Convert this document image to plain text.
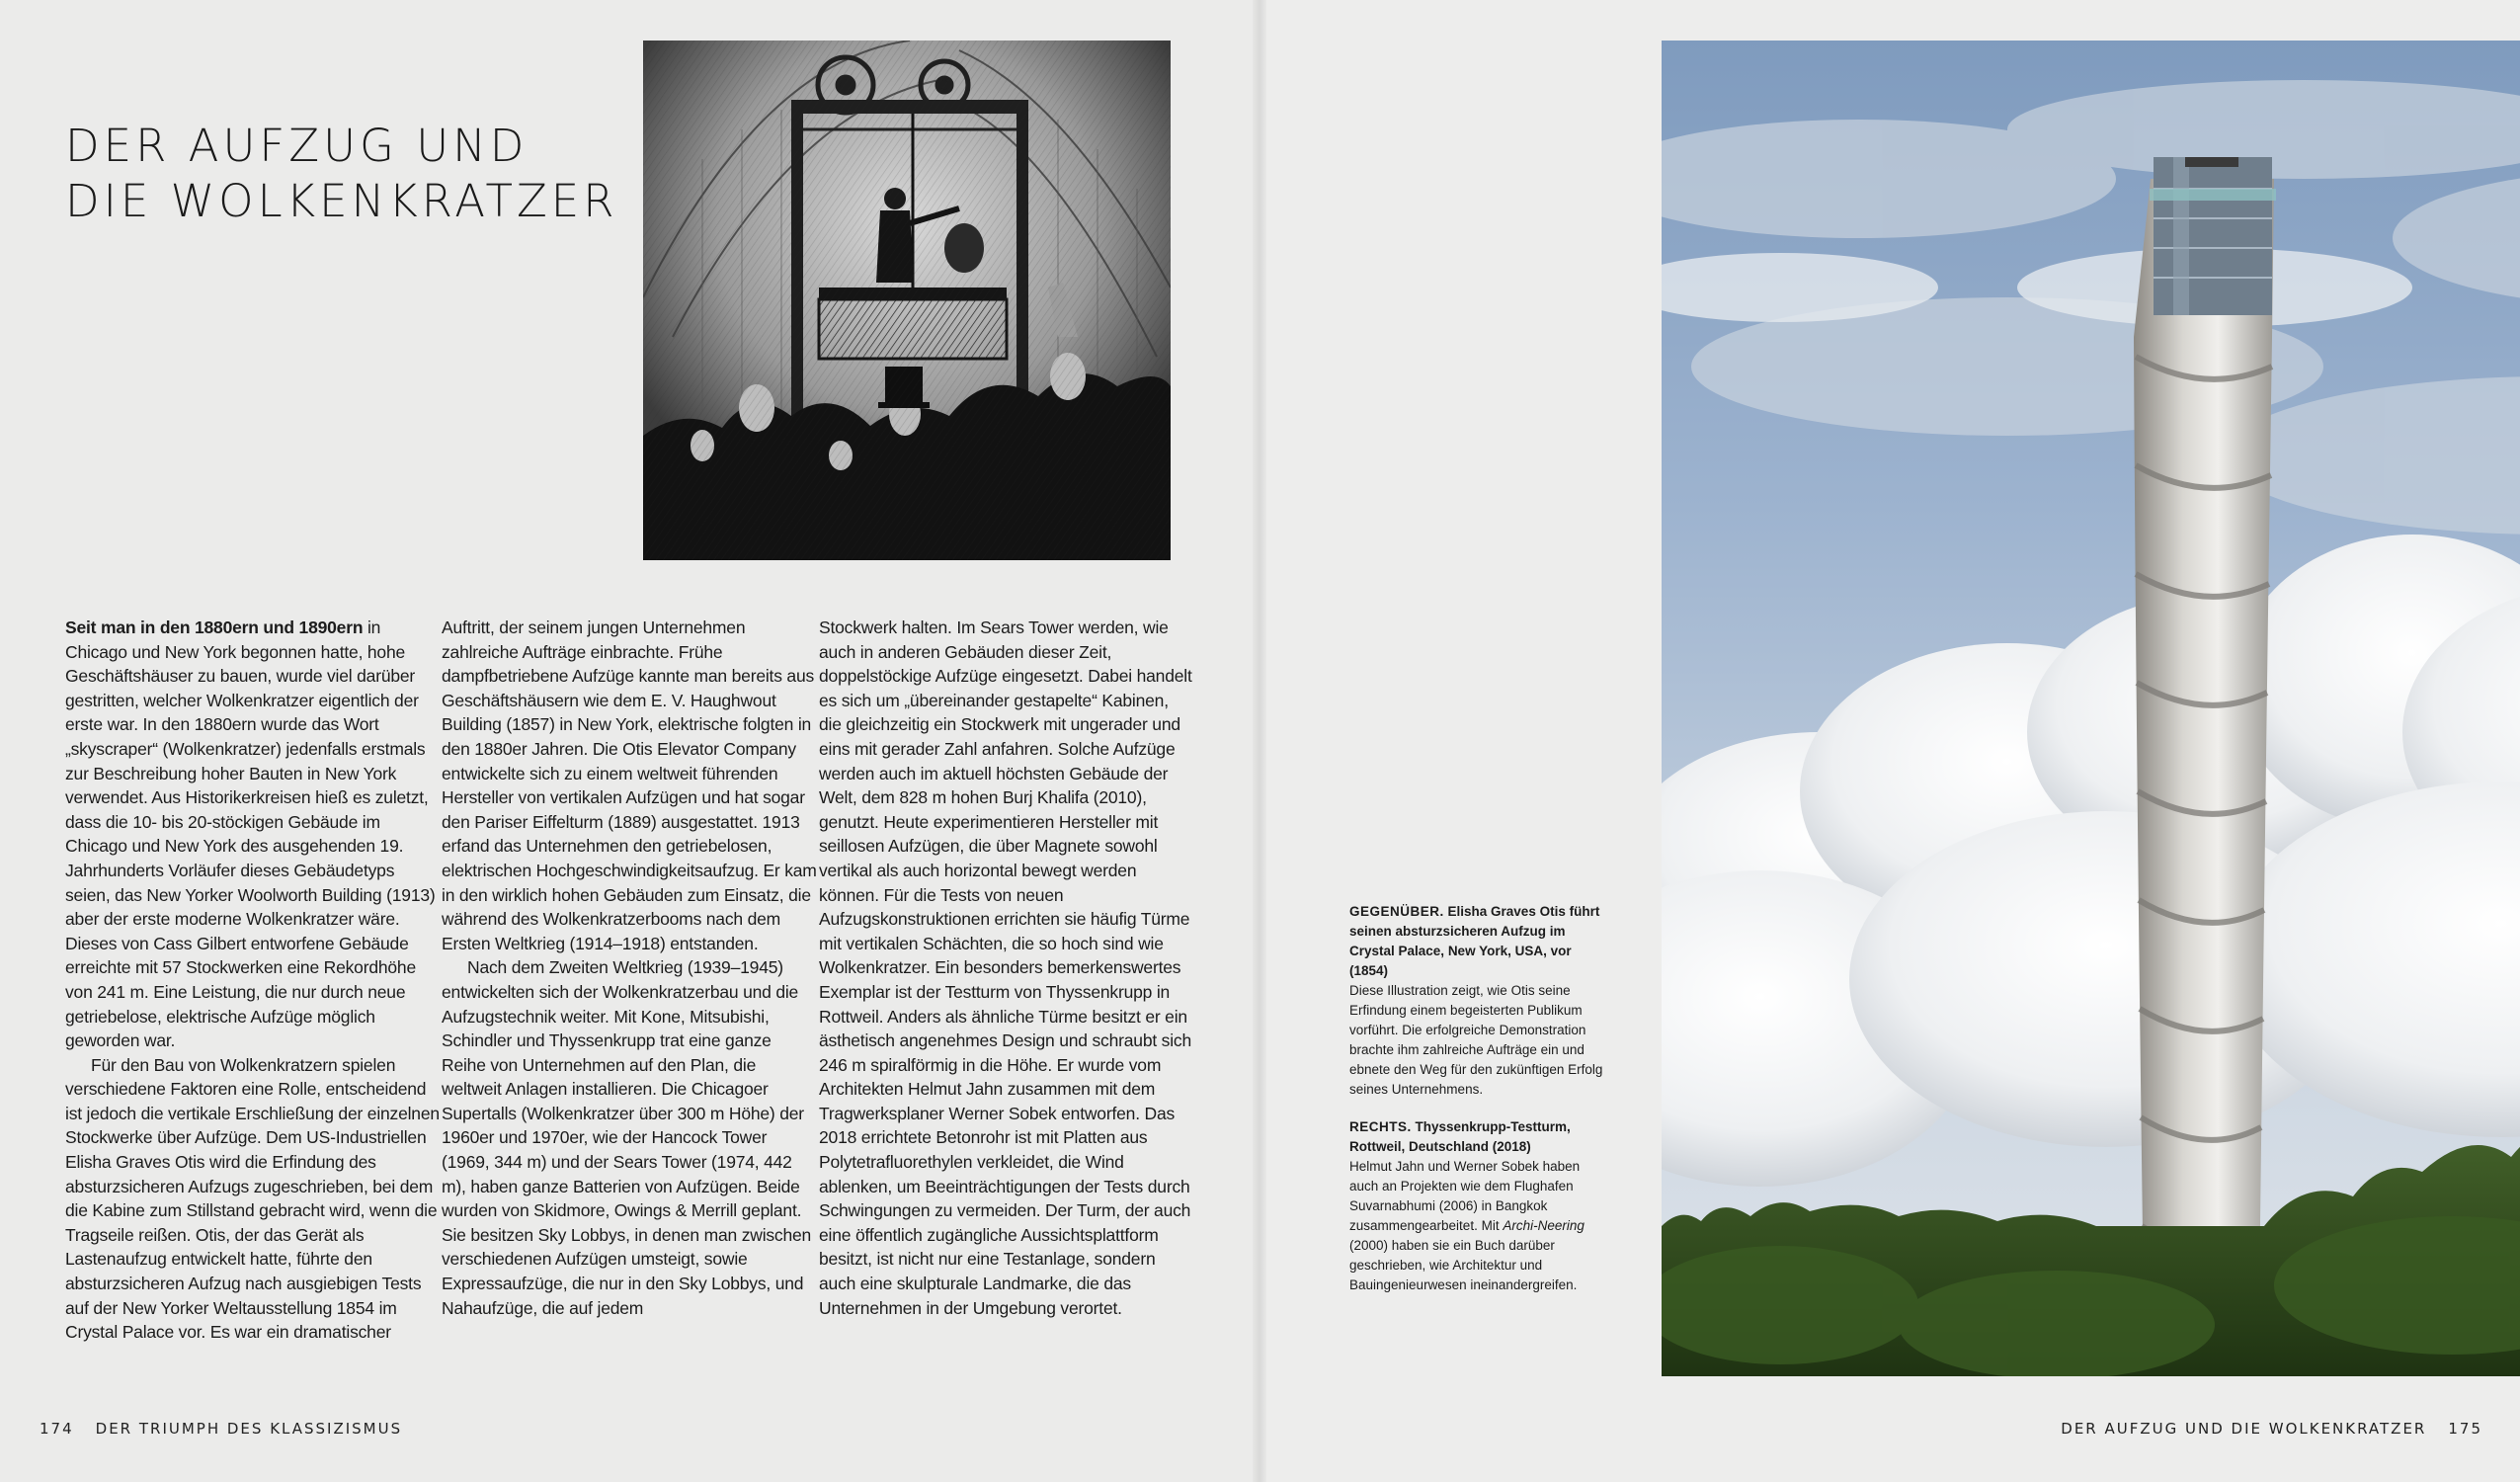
DER AUFZUG UND
DIE WOLKENKRATZER

Seit man in den 1880ern und 1890ern in Chicago und New York begonnen hatte, hohe Geschäftshäuser zu bauen, wurde viel darüber gestritten, welcher Wolkenkratzer eigentlich der erste war. In den 1880ern wurde das Wort „skyscraper“ (Wolkenkratzer) jedenfalls erstmals zur Beschreibung hoher Bauten in New York verwendet. Aus Historikerkreisen hieß es zuletzt, dass die 10- bis 20-stöckigen Gebäude im Chicago und New York des ausgehenden 19. Jahrhunderts Vorläufer dieses Gebäudetyps seien, das New Yorker Woolworth Building (1913) aber der erste moderne Wolkenkratzer wäre. Dieses von Cass Gilbert entworfene Gebäude erreichte mit 57 Stockwerken eine Rekordhöhe von 241 m. Eine Leistung, die nur durch neue getriebelose, elektrische Aufzüge möglich geworden war.

Für den Bau von Wolkenkratzern spielen verschiedene Faktoren eine Rolle, entscheidend ist jedoch die vertikale Erschließung der einzelnen Stockwerke über Aufzüge. Dem US-Industriellen Elisha Graves Otis wird die Erfindung des absturzsicheren Aufzugs zugeschrieben, bei dem die Kabine zum Stillstand gebracht wird, wenn die Tragseile reißen. Otis, der das Gerät als Lastenaufzug entwickelt hatte, führte den absturzsicheren Aufzug nach ausgiebigen Tests auf der New Yorker Weltausstellung 1854 im Crystal Palace vor. Es war ein dramatischer

Auftritt, der seinem jungen Unternehmen zahlreiche Aufträge einbrachte. Frühe dampfbetriebene Aufzüge kannte man bereits aus Geschäftshäusern wie dem E. V. Haughwout Building (1857) in New York, elektrische folgten in den 1880er Jahren. Die Otis Elevator Company entwickelte sich zu einem weltweit führenden Hersteller von vertikalen Aufzügen und hat sogar den Pariser Eiffelturm (1889) ausgestattet. 1913 erfand das Unternehmen den getriebelosen, elektrischen Hochgeschwindigkeitsaufzug. Er kam in den wirklich hohen Gebäuden zum Einsatz, die während des Wolkenkratzerbooms nach dem Ersten Weltkrieg (1914–1918) entstanden.

Nach dem Zweiten Weltkrieg (1939–1945) entwickelten sich der Wolkenkratzerbau und die Aufzugstechnik weiter. Mit Kone, Mitsubishi, Schindler und Thyssenkrupp trat eine ganze Reihe von Unternehmen auf den Plan, die weltweit Anlagen installieren. Die Chicagoer Supertalls (Wolkenkratzer über 300 m Höhe) der 1960er und 1970er, wie der Hancock Tower (1969, 344 m) und der Sears Tower (1974, 442 m), haben ganze Batterien von Aufzügen. Beide wurden von Skidmore, Owings & Merrill geplant. Sie besitzen Sky Lobbys, in denen man zwischen verschiedenen Aufzügen umsteigt, sowie Expressaufzüge, die nur in den Sky Lobbys, und Nahaufzüge, die auf jedem

Stockwerk halten. Im Sears Tower werden, wie auch in anderen Gebäuden dieser Zeit, doppelstöckige Aufzüge eingesetzt. Dabei handelt es sich um „übereinander gestapelte“ Kabinen, die gleichzeitig ein Stockwerk mit ungerader und eins mit gerader Zahl anfahren. Solche Aufzüge werden auch im aktuell höchsten Gebäude der Welt, dem 828 m hohen Burj Khalifa (2010), genutzt. Heute experimentieren Hersteller mit seillosen Aufzügen, die über Magnete sowohl vertikal als auch horizontal bewegt werden können. Für die Tests von neuen Aufzugskonstruktionen errichten sie häufig Türme mit vertikalen Schächten, die so hoch sind wie Wolkenkratzer. Ein besonders bemerkenswertes Exemplar ist der Testturm von Thyssenkrupp in Rottweil. Anders als ähnliche Türme besitzt er ein ästhetisch angenehmes Design und schraubt sich 246 m spiralförmig in die Höhe. Er wurde vom Architekten Helmut Jahn zusammen mit dem Tragwerksplaner Werner Sobek entworfen. Das 2018 errichtete Betonrohr ist mit Platten aus Polytetrafluorethylen verkleidet, die Wind ablenken, um Beeinträchtigungen der Tests durch Schwingungen zu vermeiden. Der Turm, der auch eine öffentlich zugängliche Aussichtsplattform besitzt, ist nicht nur eine Testanlage, sondern auch eine skulpturale Landmarke, die das Unternehmen in der Umgebung verortet.

174 DER TRIUMPH DES KLASSIZISMUS	DER AUFZUG UND DIE WOLKENKRATZER 175
GEGENÜBER. Elisha Graves Otis führt seinen absturzsicheren Aufzug im Crystal Palace, New York, USA, vor (1854)

Diese Illustration zeigt, wie Otis seine Erfindung einem begeisterten Publikum vorführt. Die erfolgreiche Demonstration brachte ihm zahlreiche Aufträge ein und ebnete den Weg für den zukünftigen Erfolg seines Unternehmens.

RECHTS. Thyssenkrupp-Testturm, Rottweil, Deutschland (2018)

Helmut Jahn und Werner Sobek haben auch an Projekten wie dem Flughafen Suvarnabhumi (2006) in Bangkok zusammengearbeitet. Mit Archi-Neering (2000) haben sie ein Buch darüber geschrieben, wie Architektur und Bauingenieurwesen ineinandergreifen.
